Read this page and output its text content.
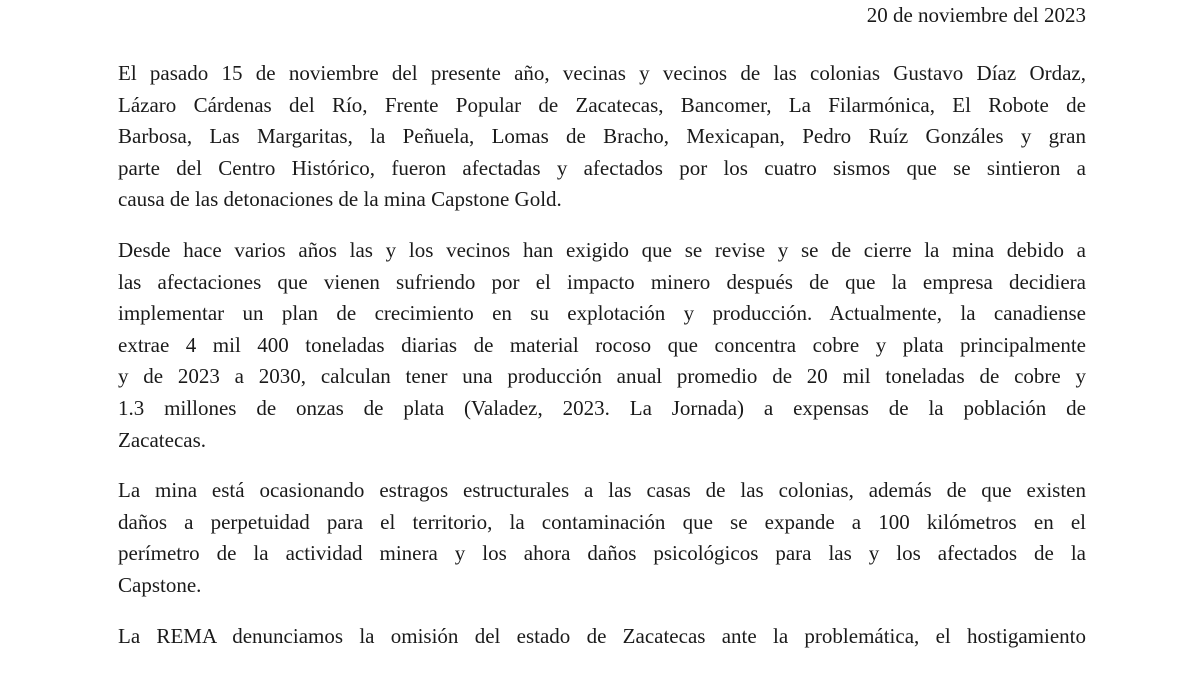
20 de noviembre del 2023

El pasado 15 de noviembre del presente año, vecinas y vecinos de las colonias Gustavo Díaz Ordaz,
Lázaro Cárdenas del Río, Frente Popular de Zacatecas, Bancomer, La Filarmónica, El Robote de
Barbosa, Las Margaritas, la Peñuela, Lomas de Bracho, Mexicapan, Pedro Ruíz Gonzáles y gran
parte del Centro Histórico, fueron afectadas y afectados por los cuatro sismos que se sintieron a
causa de las detonaciones de la mina Capstone Gold.

Desde hace varios años las y los vecinos han exigido que se revise y se de cierre la mina debido a
las afectaciones que vienen sufriendo por el impacto minero después de que la empresa decidiera
implementar un plan de crecimiento en su explotación y producción. Actualmente, la canadiense
extrae 4 mil 400 toneladas diarias de material rocoso que concentra cobre y plata principalmente
y de 2023 a 2030, calculan tener una producción anual promedio de 20 mil toneladas de cobre y
1.3 millones de onzas de plata (Valadez, 2023. La Jornada) a expensas de la población de
Zacatecas.

La mina está ocasionando estragos estructurales a las casas de las colonias, además de que existen
daños a perpetuidad para el territorio, la contaminación que se expande a 100 kilómetros en el
perímetro de la actividad minera y los ahora daños psicológicos para las y los afectados de la
Capstone.

La REMA denunciamos la omisión del estado de Zacatecas ante la problemática, el hostigamiento
